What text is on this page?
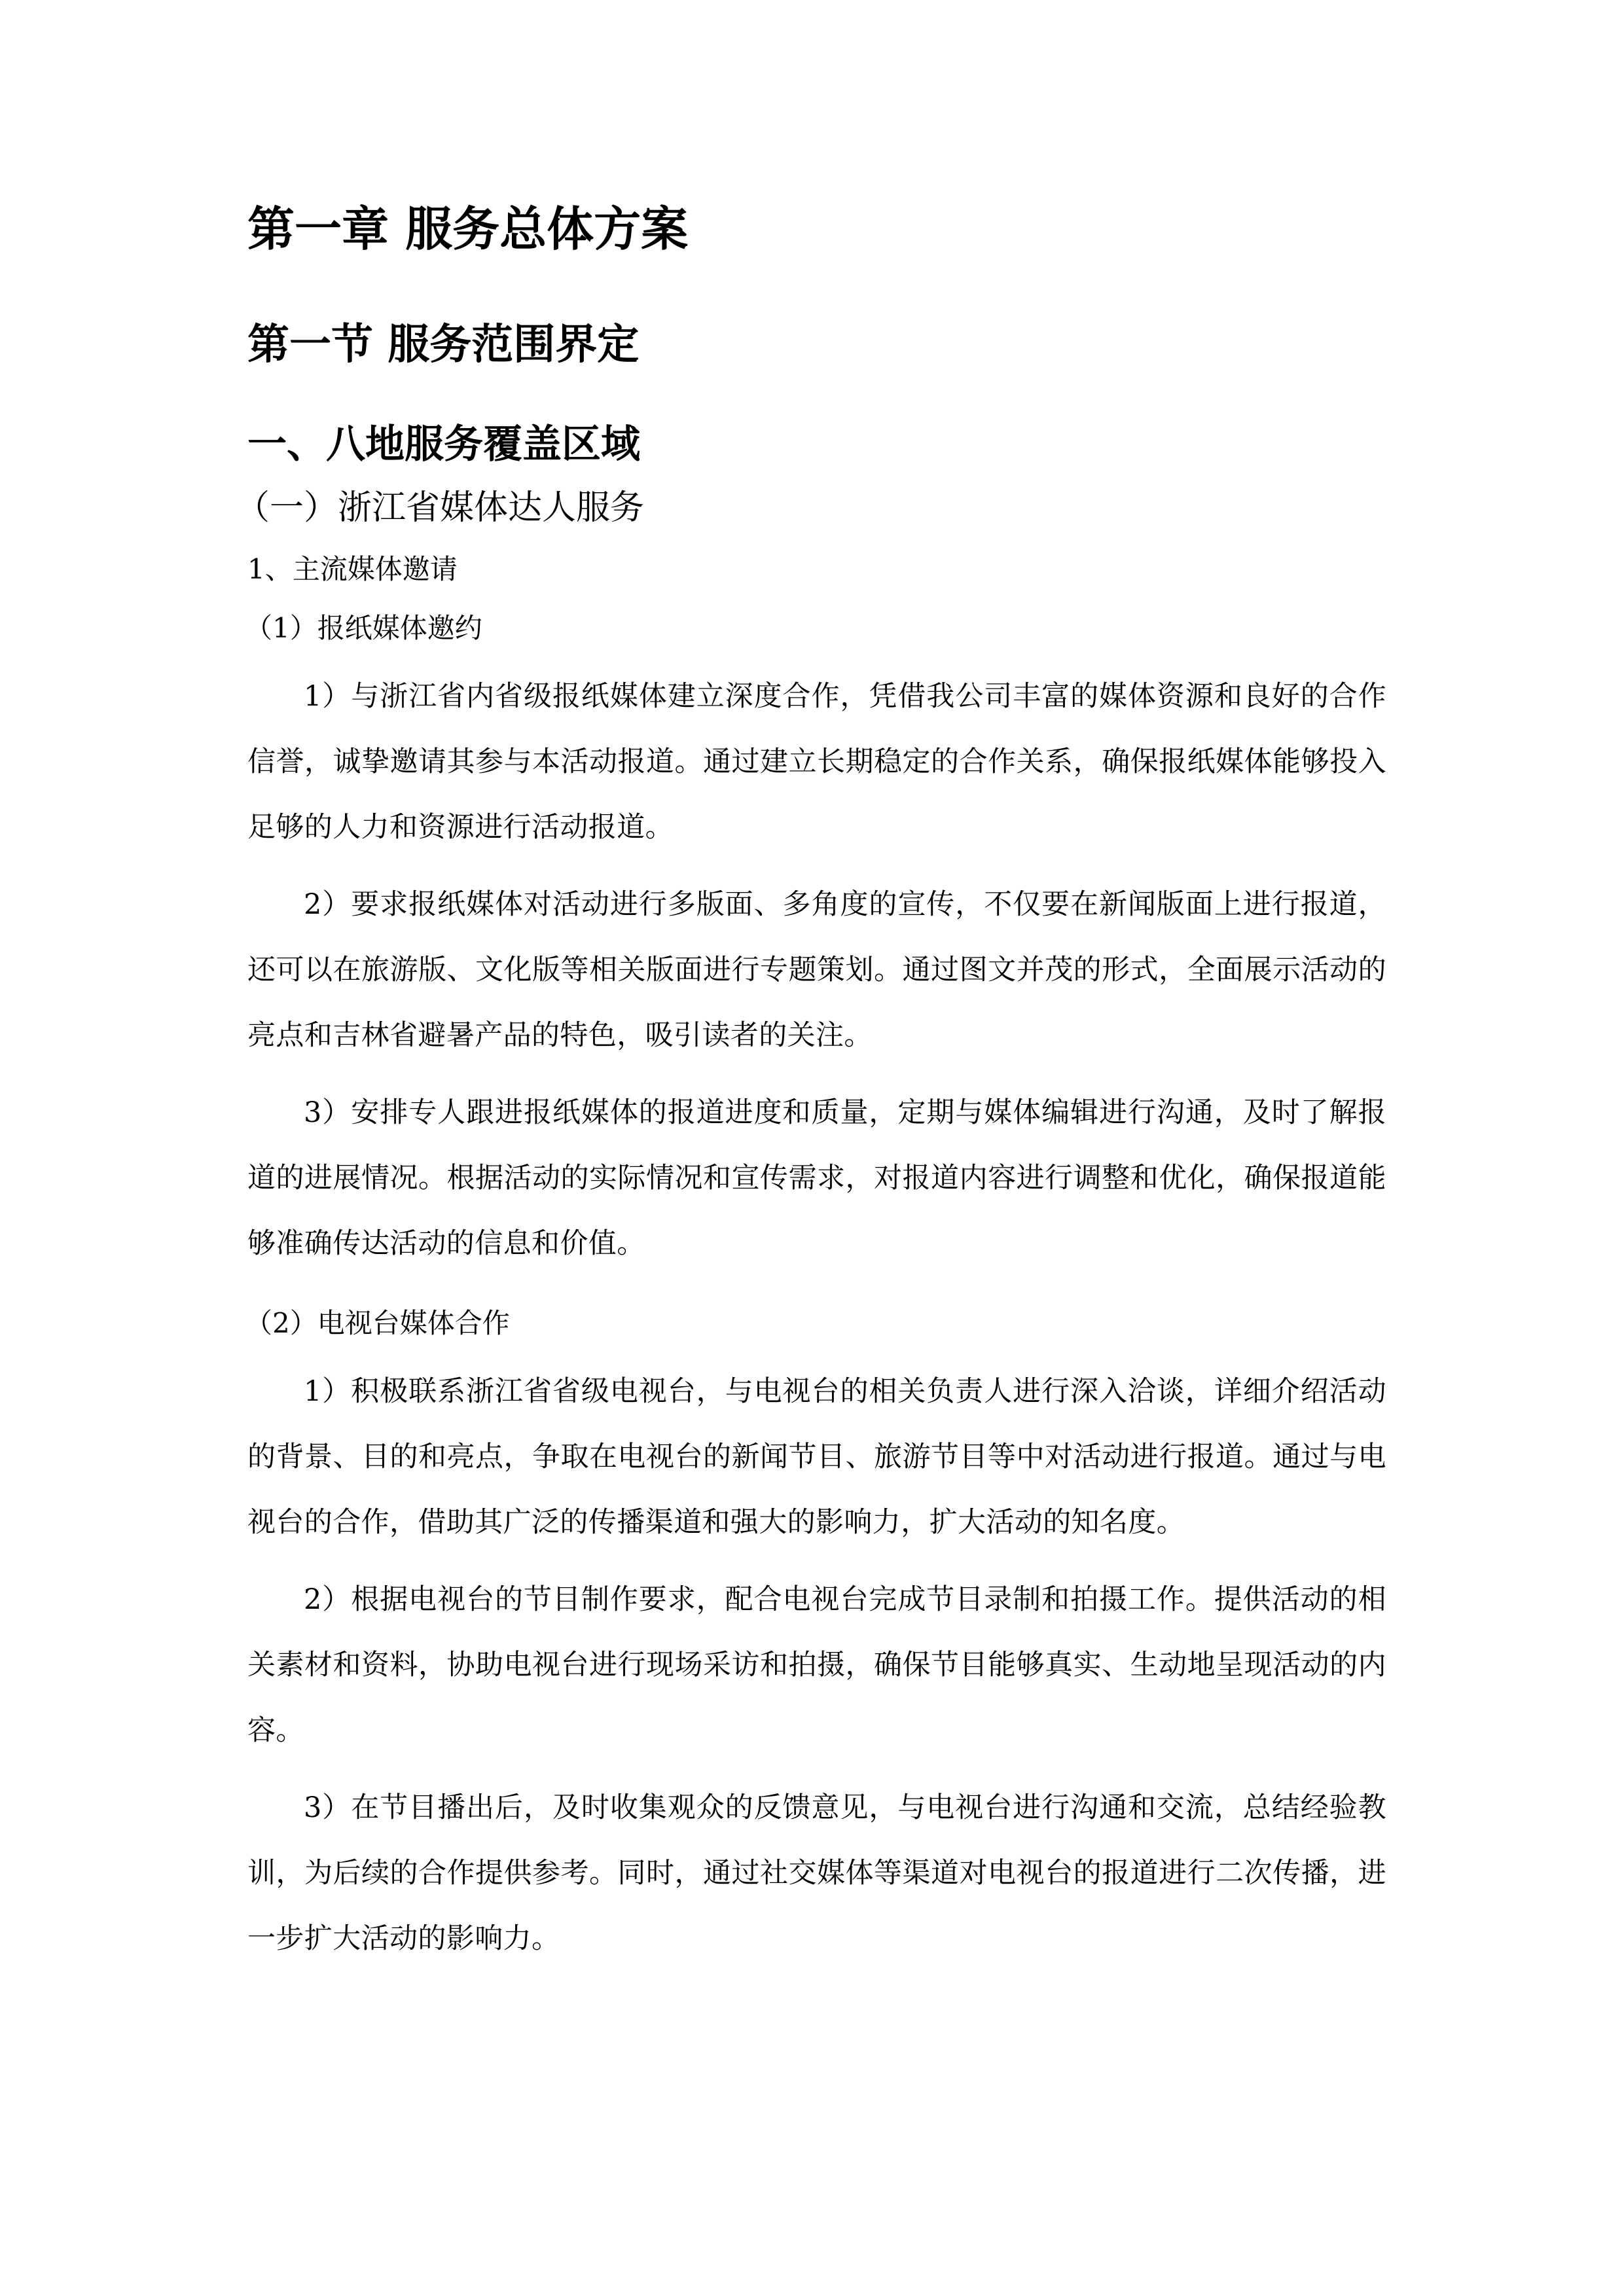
第一章 服务总体方案
第一节 服务范围界定
一、八地服务覆盖区域
（一）浙江省媒体达人服务
1、主流媒体邀请
（1）报纸媒体邀约

1）与浙江省内省级报纸媒体建立深度合作，凭借我公司丰富的媒体资源和良好的合作信誉，诚挚邀请其参与本活动报道。通过建立长期稳定的合作关系，确保报纸媒体能够投入足够的人力和资源进行活动报道。

2）要求报纸媒体对活动进行多版面、多角度的宣传，不仅要在新闻版面上进行报道，还可以在旅游版、文化版等相关版面进行专题策划。通过图文并茂的形式，全面展示活动的亮点和吉林省避暑产品的特色，吸引读者的关注。

3）安排专人跟进报纸媒体的报道进度和质量，定期与媒体编辑进行沟通，及时了解报道的进展情况。根据活动的实际情况和宣传需求，对报道内容进行调整和优化，确保报道能够准确传达活动的信息和价值。

（2）电视台媒体合作

1）积极联系浙江省省级电视台，与电视台的相关负责人进行深入洽谈，详细介绍活动的背景、目的和亮点，争取在电视台的新闻节目、旅游节目等中对活动进行报道。通过与电视台的合作，借助其广泛的传播渠道和强大的影响力，扩大活动的知名度。

2）根据电视台的节目制作要求，配合电视台完成节目录制和拍摄工作。提供活动的相关素材和资料，协助电视台进行现场采访和拍摄，确保节目能够真实、生动地呈现活动的内容。

3）在节目播出后，及时收集观众的反馈意见，与电视台进行沟通和交流，总结经验教训，为后续的合作提供参考。同时，通过社交媒体等渠道对电视台的报道进行二次传播，进一步扩大活动的影响力。
